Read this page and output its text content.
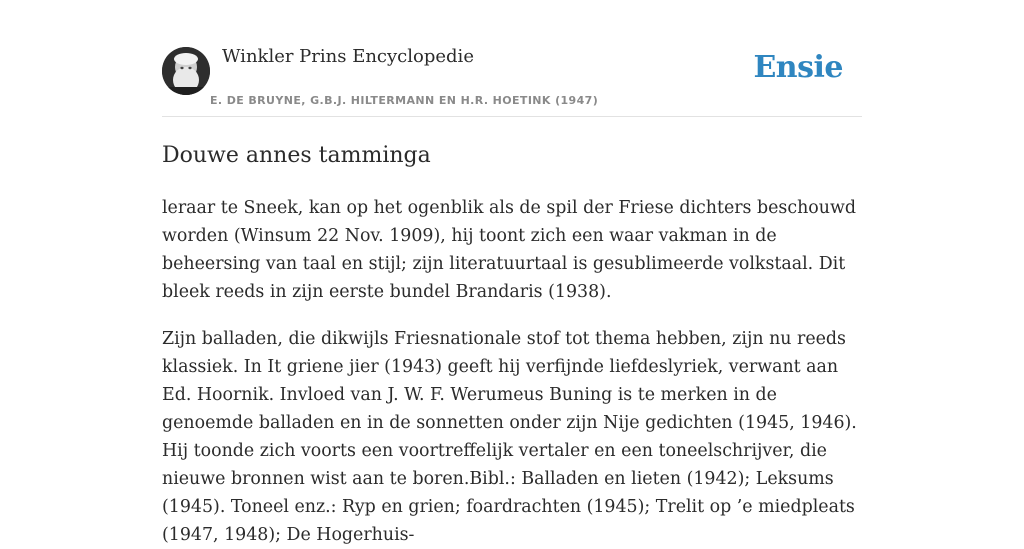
Winkler Prins Encyclopedie
E. DE BRUYNE, G.B.J. HILTERMANN EN H.R. HOETINK (1947)
Ensie
Douwe annes tamminga

leraar te Sneek, kan op het ogenblik als de spil der Friese dichters beschouwd worden (Winsum 22 Nov. 1909), hij toont zich een waar vakman in de beheersing van taal en stijl; zijn literatuurtaal is gesublimeerde volkstaal. Dit bleek reeds in zijn eerste bundel Brandaris (1938).

Zijn balladen, die dikwijls Friesnationale stof tot thema hebben, zijn nu reeds klassiek. In It griene jier (1943) geeft hij verfijnde liefdeslyriek, verwant aan Ed. Hoornik. Invloed van J. W. F. Werumeus Buning is te merken in de genoemde balladen en in de sonnetten onder zijn Nije gedichten (1945, 1946). Hij toonde zich voorts een voortreffelijk vertaler en een toneelschrijver, die nieuwe bronnen wist aan te boren.Bibl.: Balladen en lieten (1942); Leksums (1945). Toneel enz.: Ryp en grien; foardrachten (1945); Trelit op ’e miedpleats (1947, 1948); De Hogerhuis-
